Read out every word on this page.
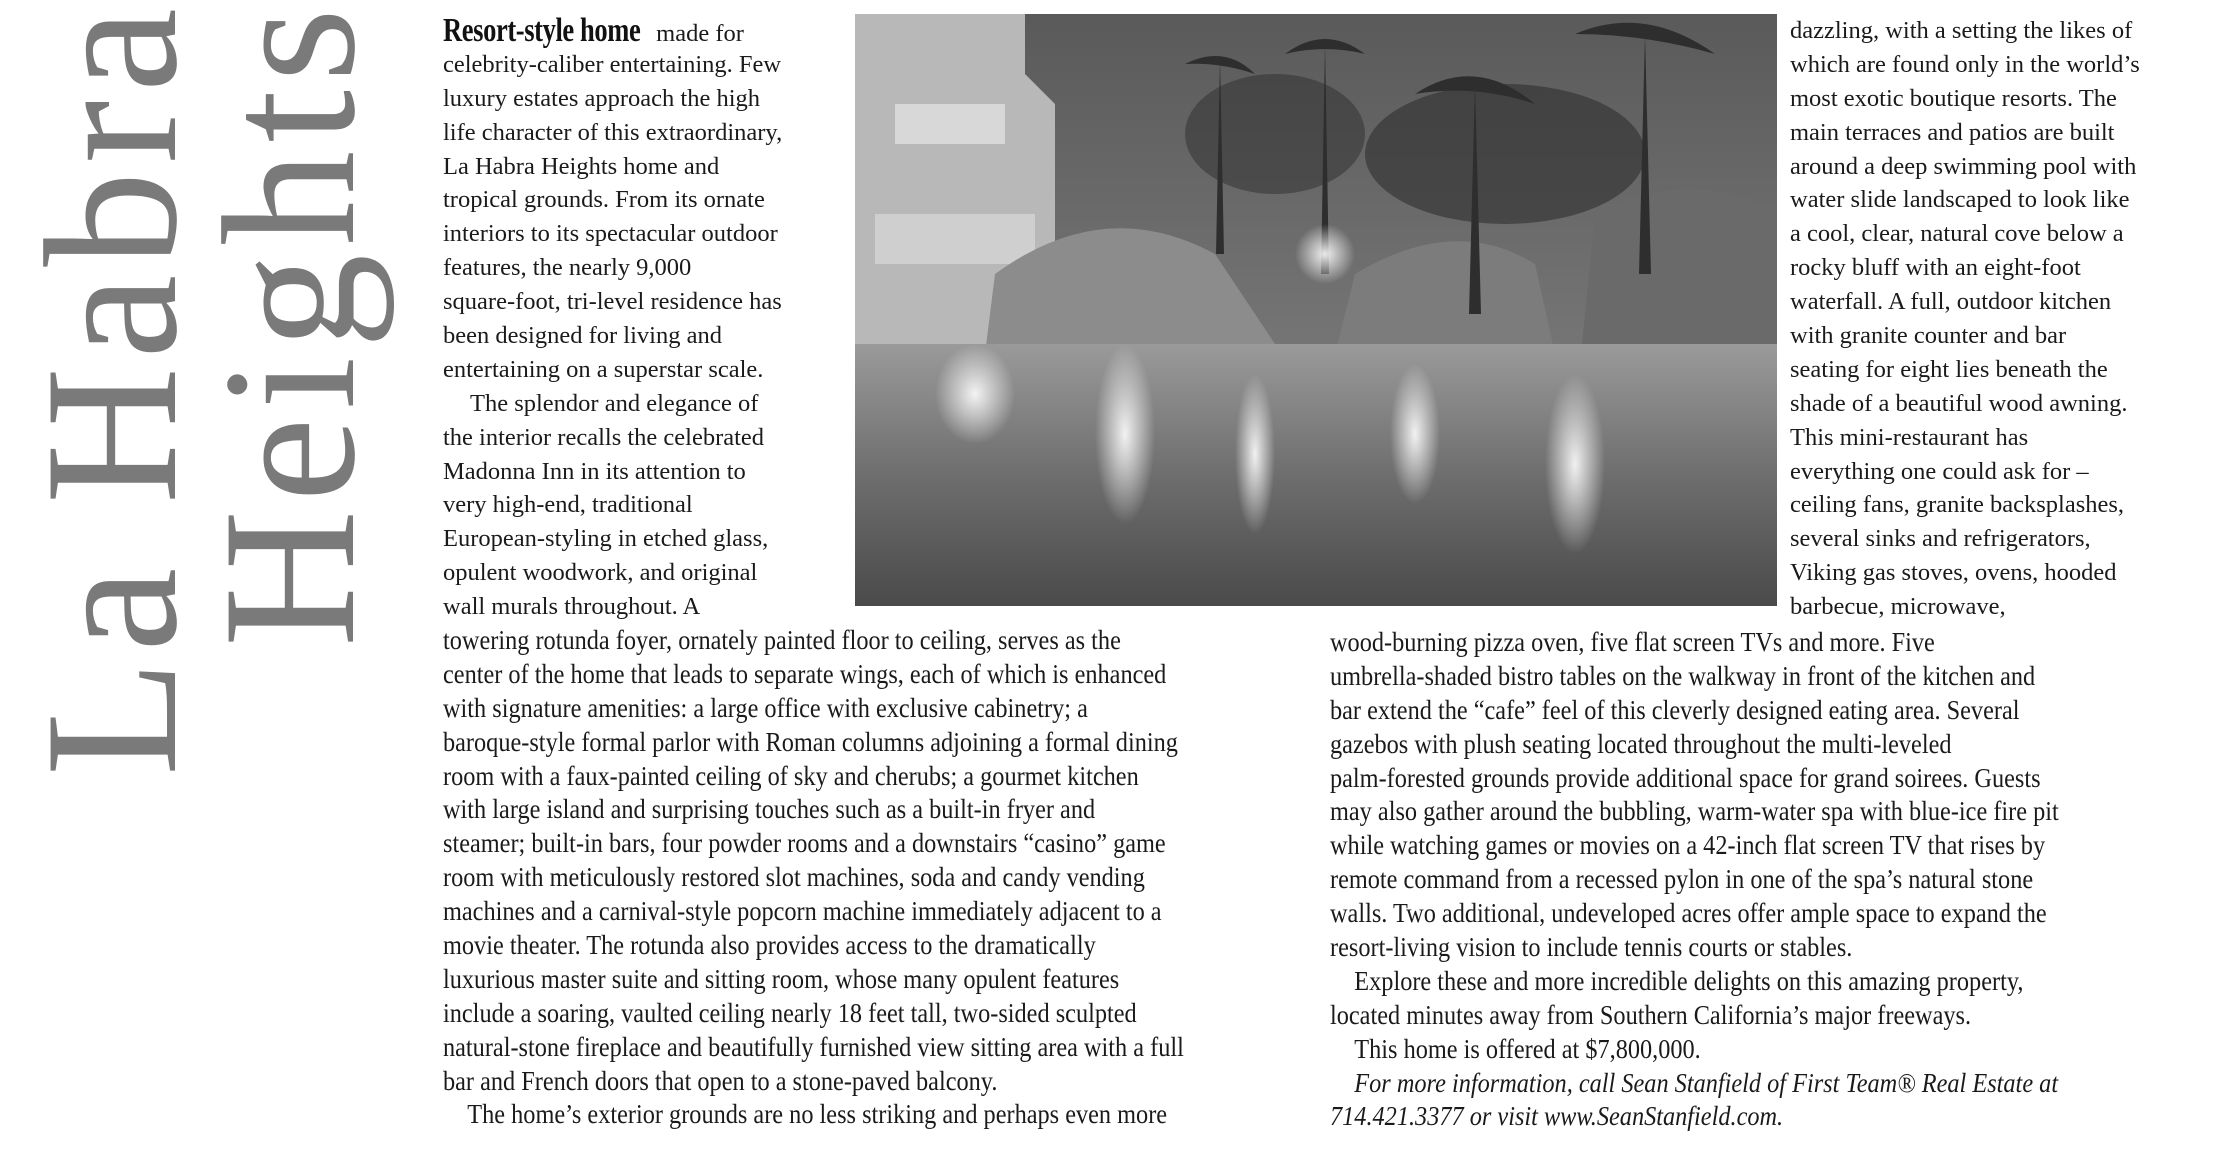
La Habra
Heights Resort-style home made for
celebrity-caliber entertaining. Few
luxury estates approach the high
life character of this extraordinary,
La Habra Heights home and
tropical grounds. From its ornate
interiors to its spectacular outdoor
features, the nearly 9,000
square-foot, tri-level residence has
been designed for living and
entertaining on a superstar scale.
The splendor and elegance of
the interior recalls the celebrated
Madonna Inn in its attention to
very high-end, traditional
European-styling in etched glass,
opulent woodwork, and original
wall murals throughout. A
dazzling, with a setting the likes of
which are found only in the world’s
most exotic boutique resorts. The
main terraces and patios are built
around a deep swimming pool with
water slide landscaped to look like
a cool, clear, natural cove below a
rocky bluff with an eight-foot
waterfall. A full, outdoor kitchen
with granite counter and bar
seating for eight lies beneath the
shade of a beautiful wood awning.
This mini-restaurant has
everything one could ask for –
ceiling fans, granite backsplashes,
several sinks and refrigerators,
Viking gas stoves, ovens, hooded
barbecue, microwave,
towering rotunda foyer, ornately painted floor to ceiling, serves as the
center of the home that leads to separate wings, each of which is enhanced
with signature amenities: a large office with exclusive cabinetry; a
baroque-style formal parlor with Roman columns adjoining a formal dining
room with a faux-painted ceiling of sky and cherubs; a gourmet kitchen
with large island and surprising touches such as a built-in fryer and
steamer; built-in bars, four powder rooms and a downstairs “casino” game
room with meticulously restored slot machines, soda and candy vending
machines and a carnival-style popcorn machine immediately adjacent to a
movie theater. The rotunda also provides access to the dramatically
luxurious master suite and sitting room, whose many opulent features
include a soaring, vaulted ceiling nearly 18 feet tall, two-sided sculpted
natural-stone fireplace and beautifully furnished view sitting area with a full
bar and French doors that open to a stone-paved balcony.
The home’s exterior grounds are no less striking and perhaps even more
wood-burning pizza oven, five flat screen TVs and more. Five
umbrella-shaded bistro tables on the walkway in front of the kitchen and
bar extend the “cafe” feel of this cleverly designed eating area. Several
gazebos with plush seating located throughout the multi-leveled
palm-forested grounds provide additional space for grand soirees. Guests
may also gather around the bubbling, warm-water spa with blue-ice fire pit
while watching games or movies on a 42-inch flat screen TV that rises by
remote command from a recessed pylon in one of the spa’s natural stone
walls. Two additional, undeveloped acres offer ample space to expand the
resort-living vision to include tennis courts or stables.
Explore these and more incredible delights on this amazing property,
located minutes away from Southern California’s major freeways.
This home is offered at $7,800,000.
For more information, call Sean Stanfield of First Team® Real Estate at
714.421.3377 or visit www.SeanStanfield.com.
